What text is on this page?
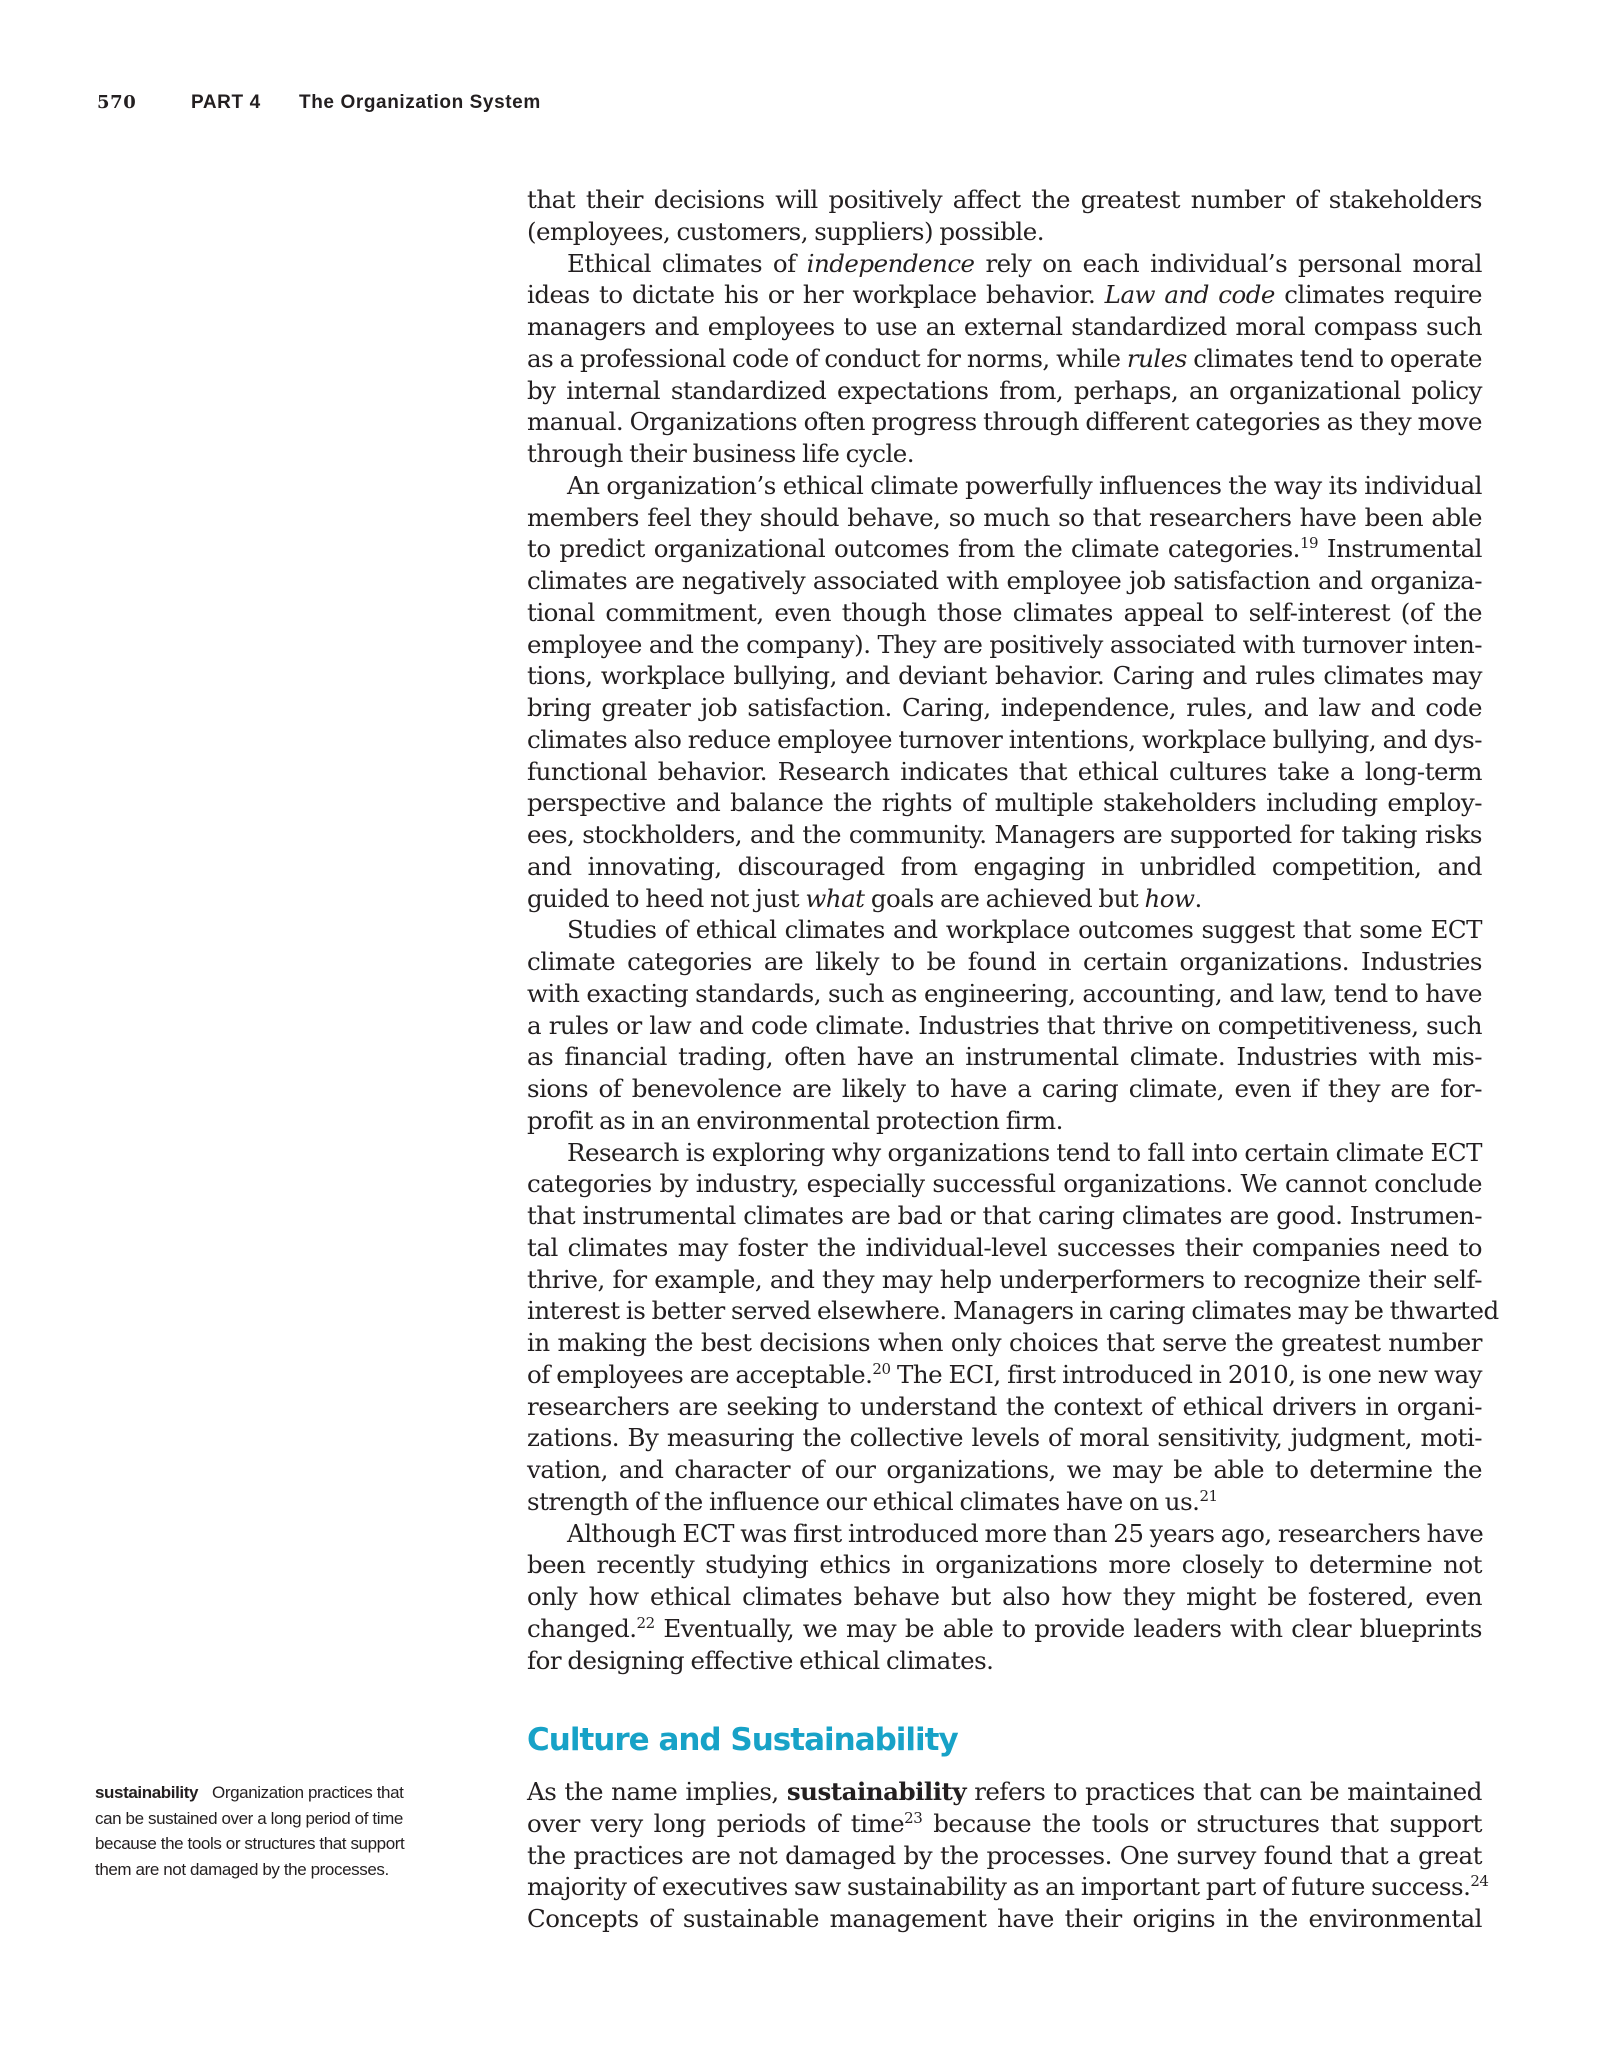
570	PART 4 The Organization System
that their decisions will positively affect the greatest number of stakeholders
(employees, customers, suppliers) possible.
Ethical climates of independence rely on each individual’s personal moral
ideas to dictate his or her workplace behavior. Law and code climates require
managers and employees to use an external standardized moral compass such
as a professional code of conduct for norms, while rules climates tend to operate
by internal standardized expectations from, perhaps, an organizational policy
manual. Organizations often progress through different categories as they move
through their business life cycle.
An organization’s ethical climate powerfully influences the way its individual
members feel they should behave, so much so that researchers have been able
to predict organizational outcomes from the climate categories.$^{19}$ Instrumental
climates are negatively associated with employee job satisfaction and organiza-
tional commitment, even though those climates appeal to self-interest (of the
employee and the company). They are positively associated with turnover inten-
tions, workplace bullying, and deviant behavior. Caring and rules climates may
bring greater job satisfaction. Caring, independence, rules, and law and code
climates also reduce employee turnover intentions, workplace bullying, and dys-
functional behavior. Research indicates that ethical cultures take a long-term
perspective and balance the rights of multiple stakeholders including employ-
ees, stockholders, and the community. Managers are supported for taking risks
and innovating, discouraged from engaging in unbridled competition, and
guided to heed not just what goals are achieved but how.
Studies of ethical climates and workplace outcomes suggest that some ECT
climate categories are likely to be found in certain organizations. Industries
with exacting standards, such as engineering, accounting, and law, tend to have
a rules or law and code climate. Industries that thrive on competitiveness, such
as financial trading, often have an instrumental climate. Industries with mis-
sions of benevolence are likely to have a caring climate, even if they are for-
profit as in an environmental protection firm.
Research is exploring why organizations tend to fall into certain climate ECT
categories by industry, especially successful organizations. We cannot conclude
that instrumental climates are bad or that caring climates are good. Instrumen-
tal climates may foster the individual-level successes their companies need to
thrive, for example, and they may help underperformers to recognize their self-
interest is better served elsewhere. Managers in caring climates may be thwarted
in making the best decisions when only choices that serve the greatest number
of employees are acceptable.$^{20}$ The ECI, first introduced in 2010, is one new way
researchers are seeking to understand the context of ethical drivers in organi-
zations. By measuring the collective levels of moral sensitivity, judgment, moti-
vation, and character of our organizations, we may be able to determine the
strength of the influence our ethical climates have on us.$^{21}$
Although ECT was first introduced more than 25 years ago, researchers have
been recently studying ethics in organizations more closely to determine not
only how ethical climates behave but also how they might be fostered, even
changed.$^{22}$ Eventually, we may be able to provide leaders with clear blueprints
for designing effective ethical climates.
Culture and Sustainability
As the name implies, sustainability refers to practices that can be maintained
over very long periods of time$^{23}$ because the tools or structures that support
the practices are not damaged by the processes. One survey found that a great
majority of executives saw sustainability as an important part of future success.$^{24}$
Concepts of sustainable management have their origins in the environmental
sustainability Organization practices that
can be sustained over a long period of time
because the tools or structures that support
them are not damaged by the processes.
